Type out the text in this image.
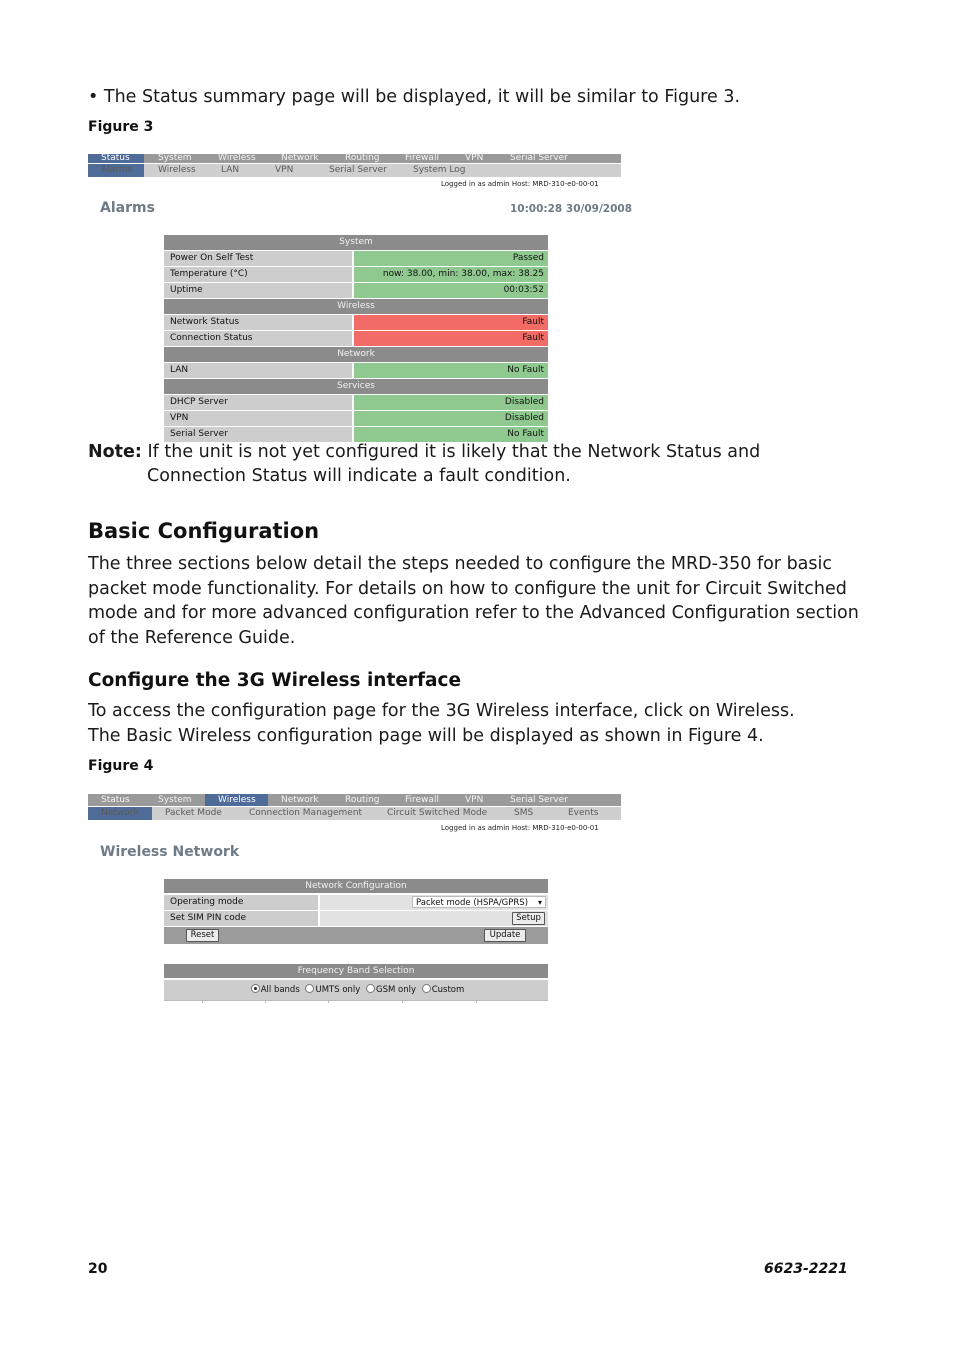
• The Status summary page will be displayed, it will be similar to Figure 3.
Figure 3
Status	System	Wireless	Network	Routing	Firewall	VPN	Serial Server
Alarms	Wireless	LAN	VPN	Serial Server	System Log
Logged in as admin Host: MRD-310-e0-00-01
Alarms	10:00:28 30/09/2008
System
Power On Self Test	Passed
Temperature (°C)	now: 38.00, min: 38.00, max: 38.25
Uptime	00:03:52
Wireless
Network Status	Fault
Connection Status	Fault
Network
LAN	No Fault
Services
DHCP Server	Disabled
VPN	Disabled
Serial Server	No Fault
Note: If the unit is not yet configured it is likely that the Network Status and
Connection Status will indicate a fault condition.
Basic Configuration
The three sections below detail the steps needed to configure the MRD-350 for basic
packet mode functionality. For details on how to configure the unit for Circuit Switched
mode and for more advanced configuration refer to the Advanced Configuration section
of the Reference Guide.
Configure the 3G Wireless interface
To access the configuration page for the 3G Wireless interface, click on Wireless.
The Basic Wireless configuration page will be displayed as shown in Figure 4.
Figure 4
Status	System	Wireless	Network	Routing	Firewall	VPN	Serial Server
Network	Packet Mode	Connection Management	Circuit Switched Mode	SMS	Events
Logged in as admin Host: MRD-310-e0-00-01
Wireless Network
Network Configuration
Operating mode	Packet mode (HSPA/GPRS) ▾
Set SIM PIN code	Setup
Reset	Update
Frequency Band Selection
All bands UMTS only GSM only Custom
20	6623-2221
